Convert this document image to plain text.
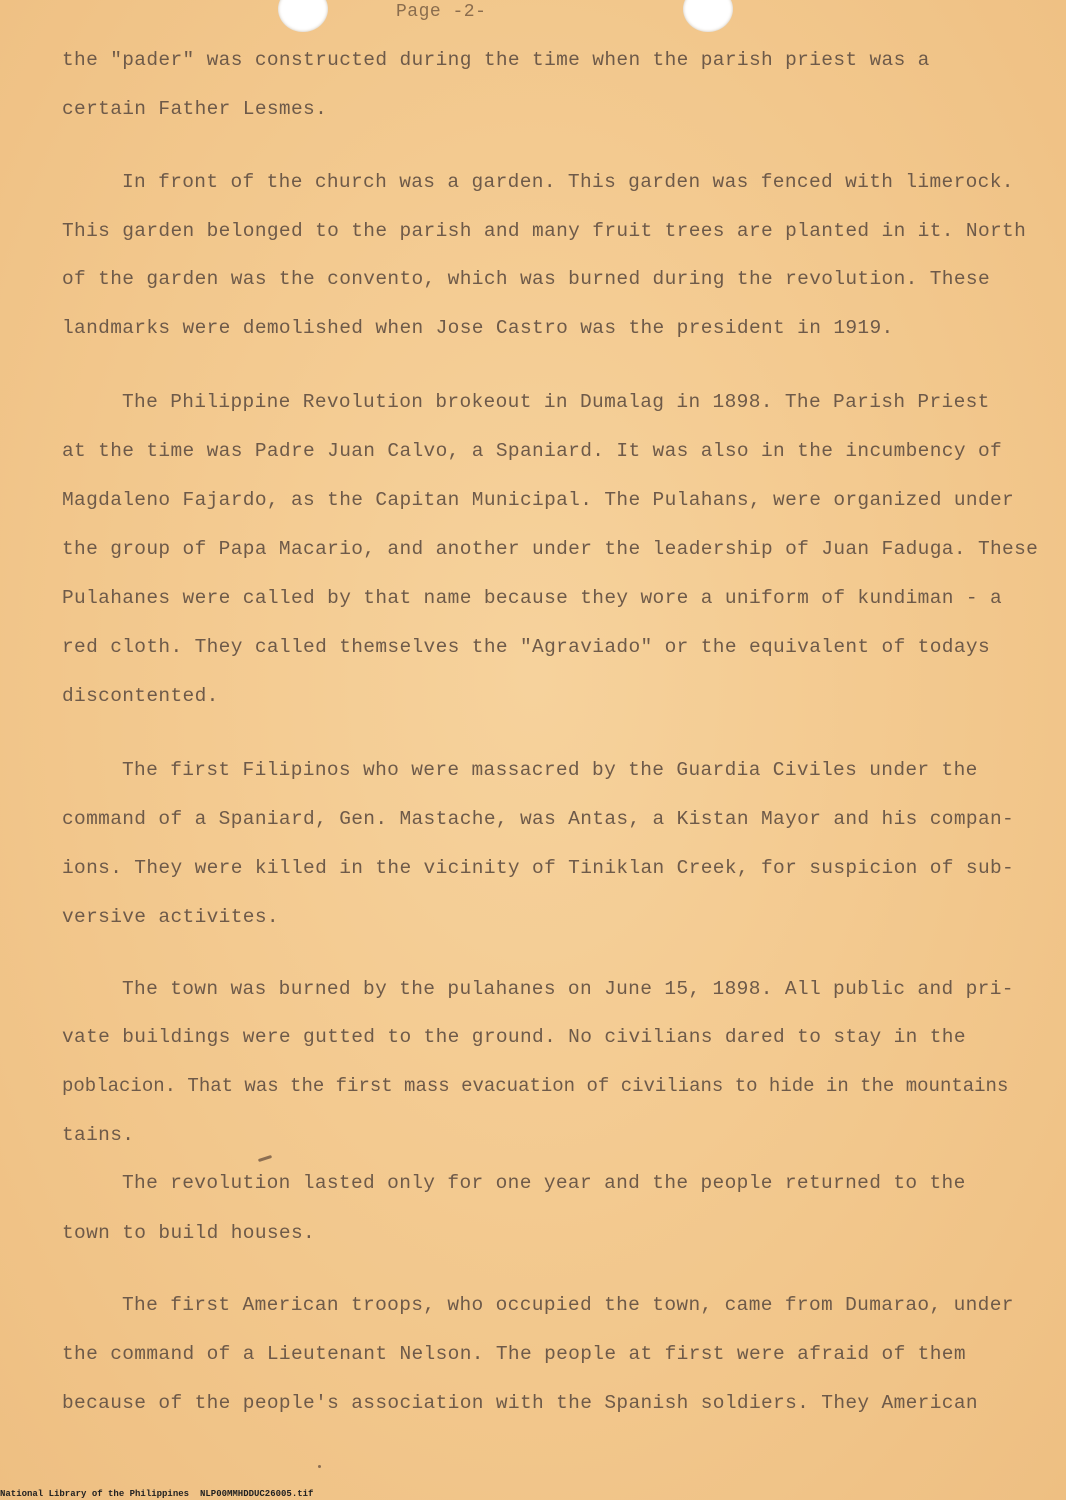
Page -2-
the "pader" was constructed during the time when the parish priest was a
certain Father Lesmes.
In front of the church was a garden. This garden was fenced with limerock.
This garden belonged to the parish and many fruit trees are planted in it. North
of the garden was the convento, which was burned during the revolution. These
landmarks were demolished when Jose Castro was the president in 1919.
The Philippine Revolution brokeout in Dumalag in 1898. The Parish Priest
at the time was Padre Juan Calvo, a Spaniard. It was also in the incumbency of
Magdaleno Fajardo, as the Capitan Municipal. The Pulahans, were organized under
the group of Papa Macario, and another under the leadership of Juan Faduga. These
Pulahanes were called by that name because they wore a uniform of kundiman - a
red cloth. They called themselves the "Agraviado" or the equivalent of todays
discontented.
The first Filipinos who were massacred by the Guardia Civiles under the
command of a Spaniard, Gen. Mastache, was Antas, a Kistan Mayor and his compan-
ions. They were killed in the vicinity of Tiniklan Creek, for suspicion of sub-
versive activites.
The town was burned by the pulahanes on June 15, 1898. All public and pri-
vate buildings were gutted to the ground. No civilians dared to stay in the
poblacion. That was the first mass evacuation of civilians to hide in the mountains
tains.
The revolution lasted only for one year and the people returned to the
town to build houses.
The first American troops, who occupied the town, came from Dumarao, under
the command of a Lieutenant Nelson. The people at first were afraid of them
because of the people's association with the Spanish soldiers. They American
National Library of the Philippines NLP00MMHDDUC26005.tif
